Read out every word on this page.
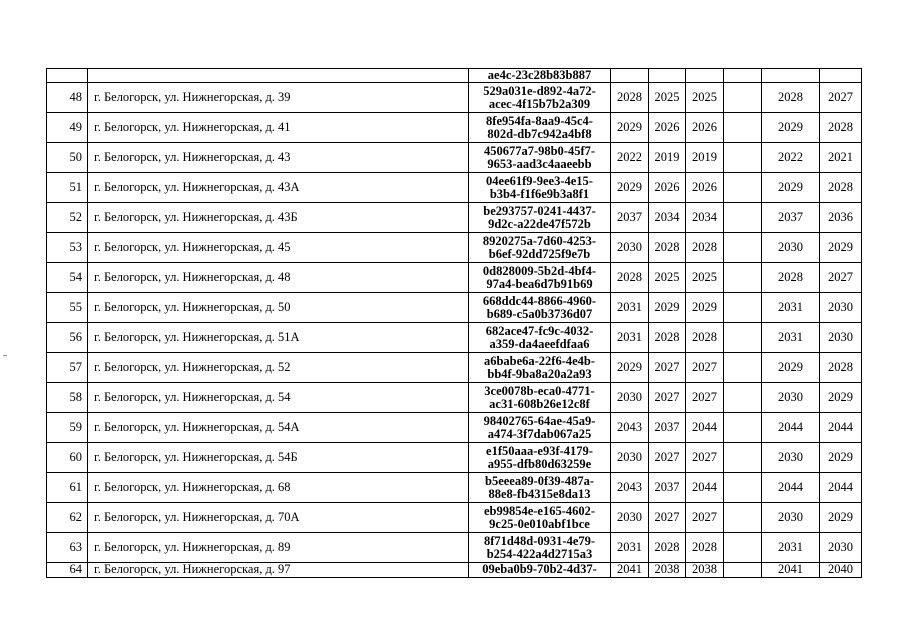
		ae4c-23c28b83b887						
48	г. Белогорск, ул. Нижнегорская, д. 39	529a031e-d892-4a72-
acec-4f15b7b2a309	2028	2025	2025		2028	2027
49	г. Белогорск, ул. Нижнегорская, д. 41	8fe954fa-8aa9-45c4-
802d-db7c942a4bf8	2029	2026	2026		2029	2028
50	г. Белогорск, ул. Нижнегорская, д. 43	450677a7-98b0-45f7-
9653-aad3c4aaeebb	2022	2019	2019		2022	2021
51	г. Белогорск, ул. Нижнегорская, д. 43А	04ee61f9-9ee3-4e15-
b3b4-f1f6e9b3a8f1	2029	2026	2026		2029	2028
52	г. Белогорск, ул. Нижнегорская, д. 43Б	be293757-0241-4437-
9d2c-a22de47f572b	2037	2034	2034		2037	2036
53	г. Белогорск, ул. Нижнегорская, д. 45	8920275a-7d60-4253-
b6ef-92dd725f9e7b	2030	2028	2028		2030	2029
54	г. Белогорск, ул. Нижнегорская, д. 48	0d828009-5b2d-4bf4-
97a4-bea6d7b91b69	2028	2025	2025		2028	2027
55	г. Белогорск, ул. Нижнегорская, д. 50	668ddc44-8866-4960-
b689-c5a0b3736d07	2031	2029	2029		2031	2030
56	г. Белогорск, ул. Нижнегорская, д. 51А	682ace47-fc9c-4032-
a359-da4aeefdfaa6	2031	2028	2028		2031	2030
57	г. Белогорск, ул. Нижнегорская, д. 52	a6babe6a-22f6-4e4b-
bb4f-9ba8a20a2a93	2029	2027	2027		2029	2028
58	г. Белогорск, ул. Нижнегорская, д. 54	3ce0078b-eca0-4771-
ac31-608b26e12c8f	2030	2027	2027		2030	2029
59	г. Белогорск, ул. Нижнегорская, д. 54А	98402765-64ae-45a9-
a474-3f7dab067a25	2043	2037	2044		2044	2044
60	г. Белогорск, ул. Нижнегорская, д. 54Б	e1f50aaa-e93f-4179-
a955-dfb80d63259e	2030	2027	2027		2030	2029
61	г. Белогорск, ул. Нижнегорская, д. 68	b5eeea89-0f39-487a-
88e8-fb4315e8da13	2043	2037	2044		2044	2044
62	г. Белогорск, ул. Нижнегорская, д. 70А	eb99854e-e165-4602-
9c25-0e010abf1bce	2030	2027	2027		2030	2029
63	г. Белогорск, ул. Нижнегорская, д. 89	8f71d48d-0931-4e79-
b254-422a4d2715a3	2031	2028	2028		2031	2030
64	г. Белогорск, ул. Нижнегорская, д. 97	09eba0b9-70b2-4d37-	2041	2038	2038		2041	2040
